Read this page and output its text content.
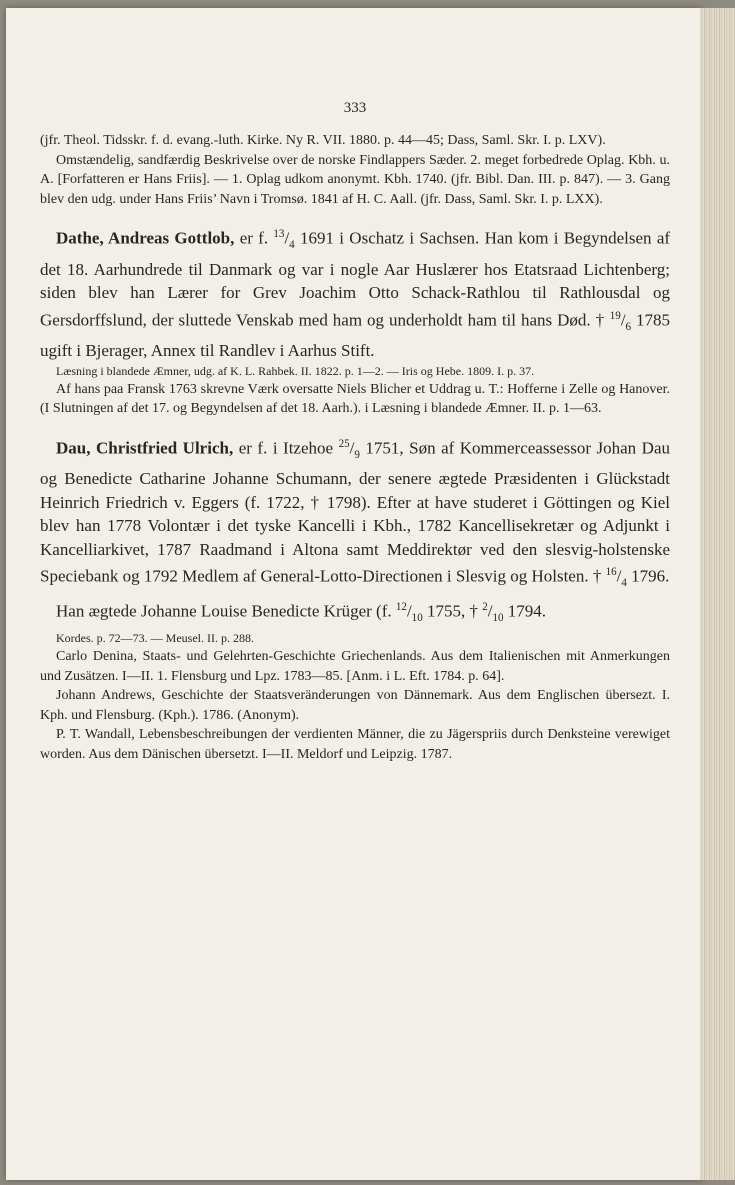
333

(jfr. Theol. Tidsskr. f. d. evang.-luth. Kirke. Ny R. VII. 1880. p. 44—45; Dass, Saml. Skr. I. p. LXV).

Omstændelig, sandfærdig Beskrivelse over de norske Findlappers Sæder. 2. meget forbedrede Oplag. Kbh. u. A. [Forfatteren er Hans Friis]. — 1. Oplag udkom anonymt. Kbh. 1740. (jfr. Bibl. Dan. III. p. 847). — 3. Gang blev den udg. under Hans Friis’ Navn i Tromsø. 1841 af H. C. Aall. (jfr. Dass, Saml. Skr. I. p. LXX).

Dathe, Andreas Gottlob, er f. $^{13}/_4$ 1691 i Oschatz i Sachsen. Han kom i Begyndelsen af det 18. Aarhundrede til Danmark og var i nogle Aar Huslærer hos Etatsraad Lichtenberg; siden blev han Lærer for Grev Joachim Otto Schack-Rathlou til Rathlousdal og Gersdorffslund, der sluttede Venskab med ham og underholdt ham til hans Død. † $^{19}/_6$ 1785 ugift i Bjerager, Annex til Randlev i Aarhus Stift.

Læsning i blandede Æmner, udg. af K. L. Rahbek. II. 1822. p. 1—2. — Iris og Hebe. 1809. I. p. 37.

Af hans paa Fransk 1763 skrevne Værk oversatte Niels Blicher et Uddrag u. T.: Hofferne i Zelle og Hanover. (I Slutningen af det 17. og Begyndelsen af det 18. Aarh.). i Læsning i blandede Æmner. II. p. 1—63.

Dau, Christfried Ulrich, er f. i Itzehoe $^{25}/_9$ 1751, Søn af Kommerceassessor Johan Dau og Benedicte Catharine Johanne Schumann, der senere ægtede Præsidenten i Glückstadt Heinrich Friedrich v. Eggers (f. 1722, † 1798). Efter at have studeret i Göttingen og Kiel blev han 1778 Volontær i det tyske Kancelli i Kbh., 1782 Kancellisekretær og Adjunkt i Kancelliarkivet, 1787 Raadmand i Altona samt Meddirektør ved den slesvig-holstenske Speciebank og 1792 Medlem af General-Lotto-Directionen i Slesvig og Holsten. † $^{16}/_4$ 1796.

Han ægtede Johanne Louise Benedicte Krüger (f. $^{12}/_{10}$ 1755, † $^2/_{10}$ 1794.

Kordes. p. 72—73. — Meusel. II. p. 288.

Carlo Denina, Staats- und Gelehrten-Geschichte Griechenlands. Aus dem Italienischen mit Anmerkungen und Zusätzen. I—II. 1. Flensburg und Lpz. 1783—85. [Anm. i L. Eft. 1784. p. 64].

Johann Andrews, Geschichte der Staatsveränderungen von Dännemark. Aus dem Englischen übersezt. I. Kph. und Flensburg. (Kph.). 1786. (Anonym).

P. T. Wandall, Lebensbeschreibungen der verdienten Männer, die zu Jägerspriis durch Denksteine verewiget worden. Aus dem Dänischen übersetzt. I—II. Meldorf und Leipzig. 1787.
